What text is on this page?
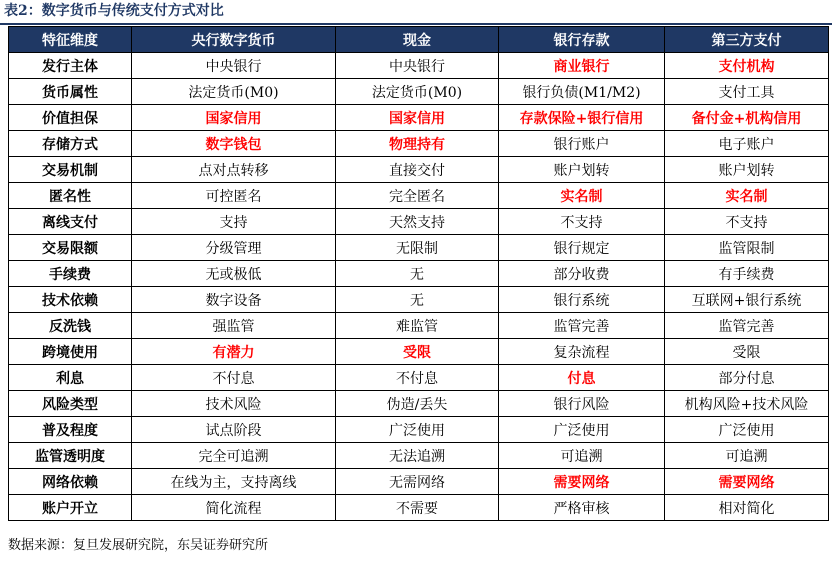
表2：数字货币与传统支付方式对比
特征维度	央行数字货币	现金	银行存款	第三方支付
发行主体	中央银行	中央银行	商业银行	支付机构
货币属性	法定货币(M0)	法定货币(M0)	银行负债(M1/M2)	支付工具
价值担保	国家信用	国家信用	存款保险+银行信用	备付金+机构信用
存储方式	数字钱包	物理持有	银行账户	电子账户
交易机制	点对点转移	直接交付	账户划转	账户划转
匿名性	可控匿名	完全匿名	实名制	实名制
离线支付	支持	天然支持	不支持	不支持
交易限额	分级管理	无限制	银行规定	监管限制
手续费	无或极低	无	部分收费	有手续费
技术依赖	数字设备	无	银行系统	互联网+银行系统
反洗钱	强监管	难监管	监管完善	监管完善
跨境使用	有潜力	受限	复杂流程	受限
利息	不付息	不付息	付息	部分付息
风险类型	技术风险	伪造/丢失	银行风险	机构风险+技术风险
普及程度	试点阶段	广泛使用	广泛使用	广泛使用
监管透明度	完全可追溯	无法追溯	可追溯	可追溯
网络依赖	在线为主，支持离线	无需网络	需要网络	需要网络
账户开立	简化流程	不需要	严格审核	相对简化
数据来源：复旦发展研究院，东吴证券研究所
